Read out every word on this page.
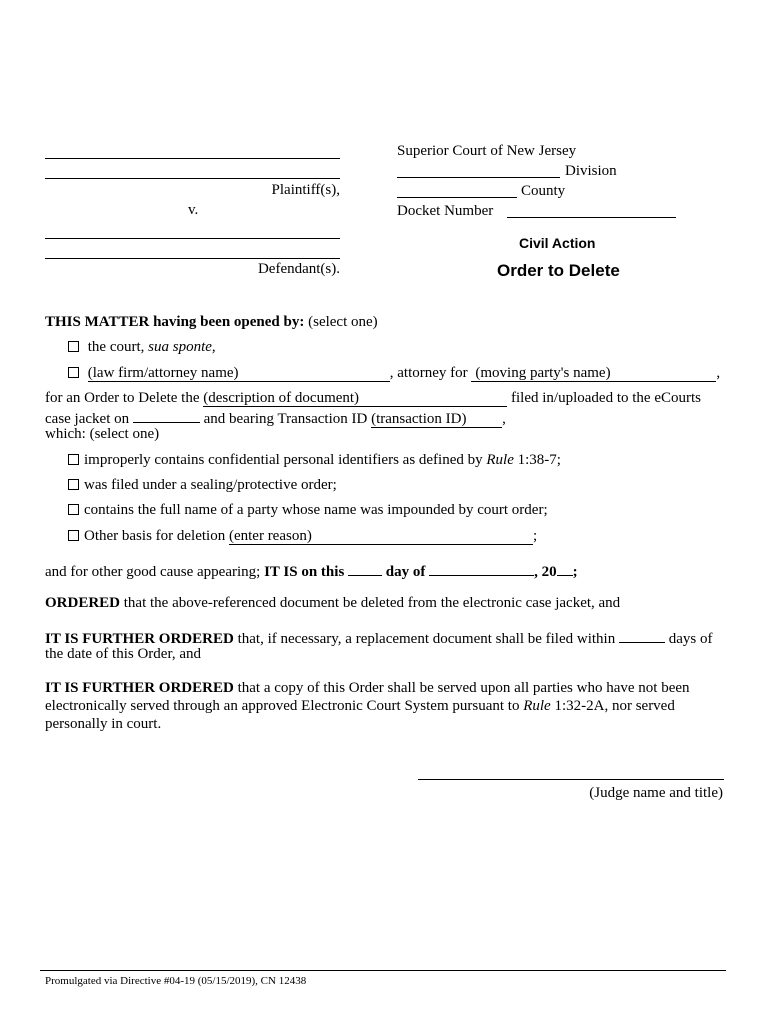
Plaintiff(s),
v.
Defendant(s).
Superior Court of New Jersey
Division
County
Docket Number
Civil Action
Order to Delete
THIS MATTER having been opened by: (select one)
the court, sua sponte,
(law firm/attorney name)	, attorney for (moving party's name)	,
for an Order to Delete the (description of document)	filed in/uploaded to the eCourts
case jacket on	and bearing Transaction ID (transaction ID) ,
which: (select one)
improperly contains confidential personal identifiers as defined by Rule 1:38-7;
was filed under a sealing/protective order;
contains the full name of a party whose name was impounded by court order;
Other basis for deletion (enter reason)	;
and for other good cause appearing; IT IS on this  day of	, 20 ;
ORDERED that the above-referenced document be deleted from the electronic case jacket, and
IT IS FURTHER ORDERED that, if necessary, a replacement document shall be filed within	days of
the date of this Order, and
IT IS FURTHER ORDERED that a copy of this Order shall be served upon all parties who have not been
electronically served through an approved Electronic Court System pursuant to Rule 1:32-2A, nor served
personally in court.
(Judge name and title)
Promulgated via Directive #04-19 (05/15/2019), CN 12438
